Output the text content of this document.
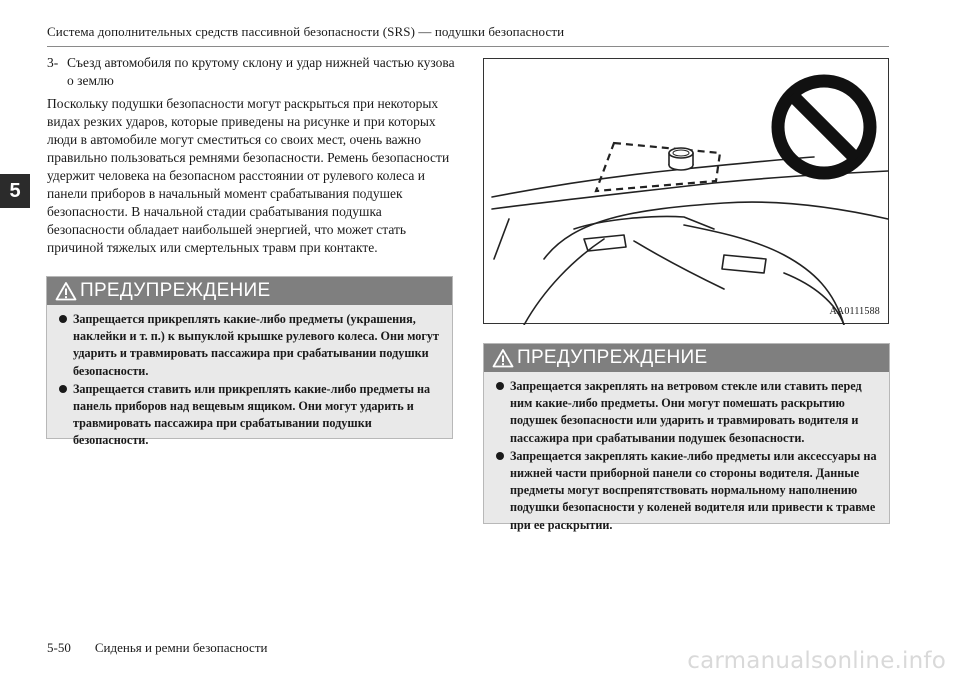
Система дополнительных средств пассивной безопасности (SRS) — подушки безопасности
5
3- Съезд автомобиля по крутому склону и удар нижней частью кузова о землю
Поскольку подушки безопасности могут раскрыться при некоторых видах резких ударов, которые приведены на рисунке и при которых люди в автомобиле могут сместиться со своих мест, очень важно правильно пользоваться ремнями безопасности. Ремень безопасности удержит человека на безопасном расстоянии от рулевого колеса и панели приборов в начальный момент срабатывания подушек безопасности. В начальной стадии срабатывания подушка безопасности обладает наибольшей энергией, что может стать причиной тяжелых или смертельных травм при контакте.
ПРЕДУПРЕЖДЕНИЕ
Запрещается прикреплять какие-либо предметы (украшения, наклейки и т. п.) к выпуклой крышке рулевого колеса. Они могут ударить и травмировать пассажира при срабатывании подушки безопасности.
Запрещается ставить или прикреплять какие-либо предметы на панель приборов над вещевым ящиком. Они могут ударить и травмировать пассажира при срабатывании подушки безопасности.
AA0111588
ПРЕДУПРЕЖДЕНИЕ
Запрещается закреплять на ветровом стекле или ставить перед ним какие-либо предметы. Они могут помешать раскрытию подушек безопасности или ударить и травмировать водителя и пассажира при срабатывании подушек безопасности.
Запрещается закреплять какие-либо предметы или аксессуары на нижней части приборной панели со стороны водителя. Данные предметы могут воспрепятствовать нормальному наполнению подушки безопасности у коленей водителя или привести к травме при ее раскрытии.
5-50 Сиденья и ремни безопасности
carmanualsonline.info
